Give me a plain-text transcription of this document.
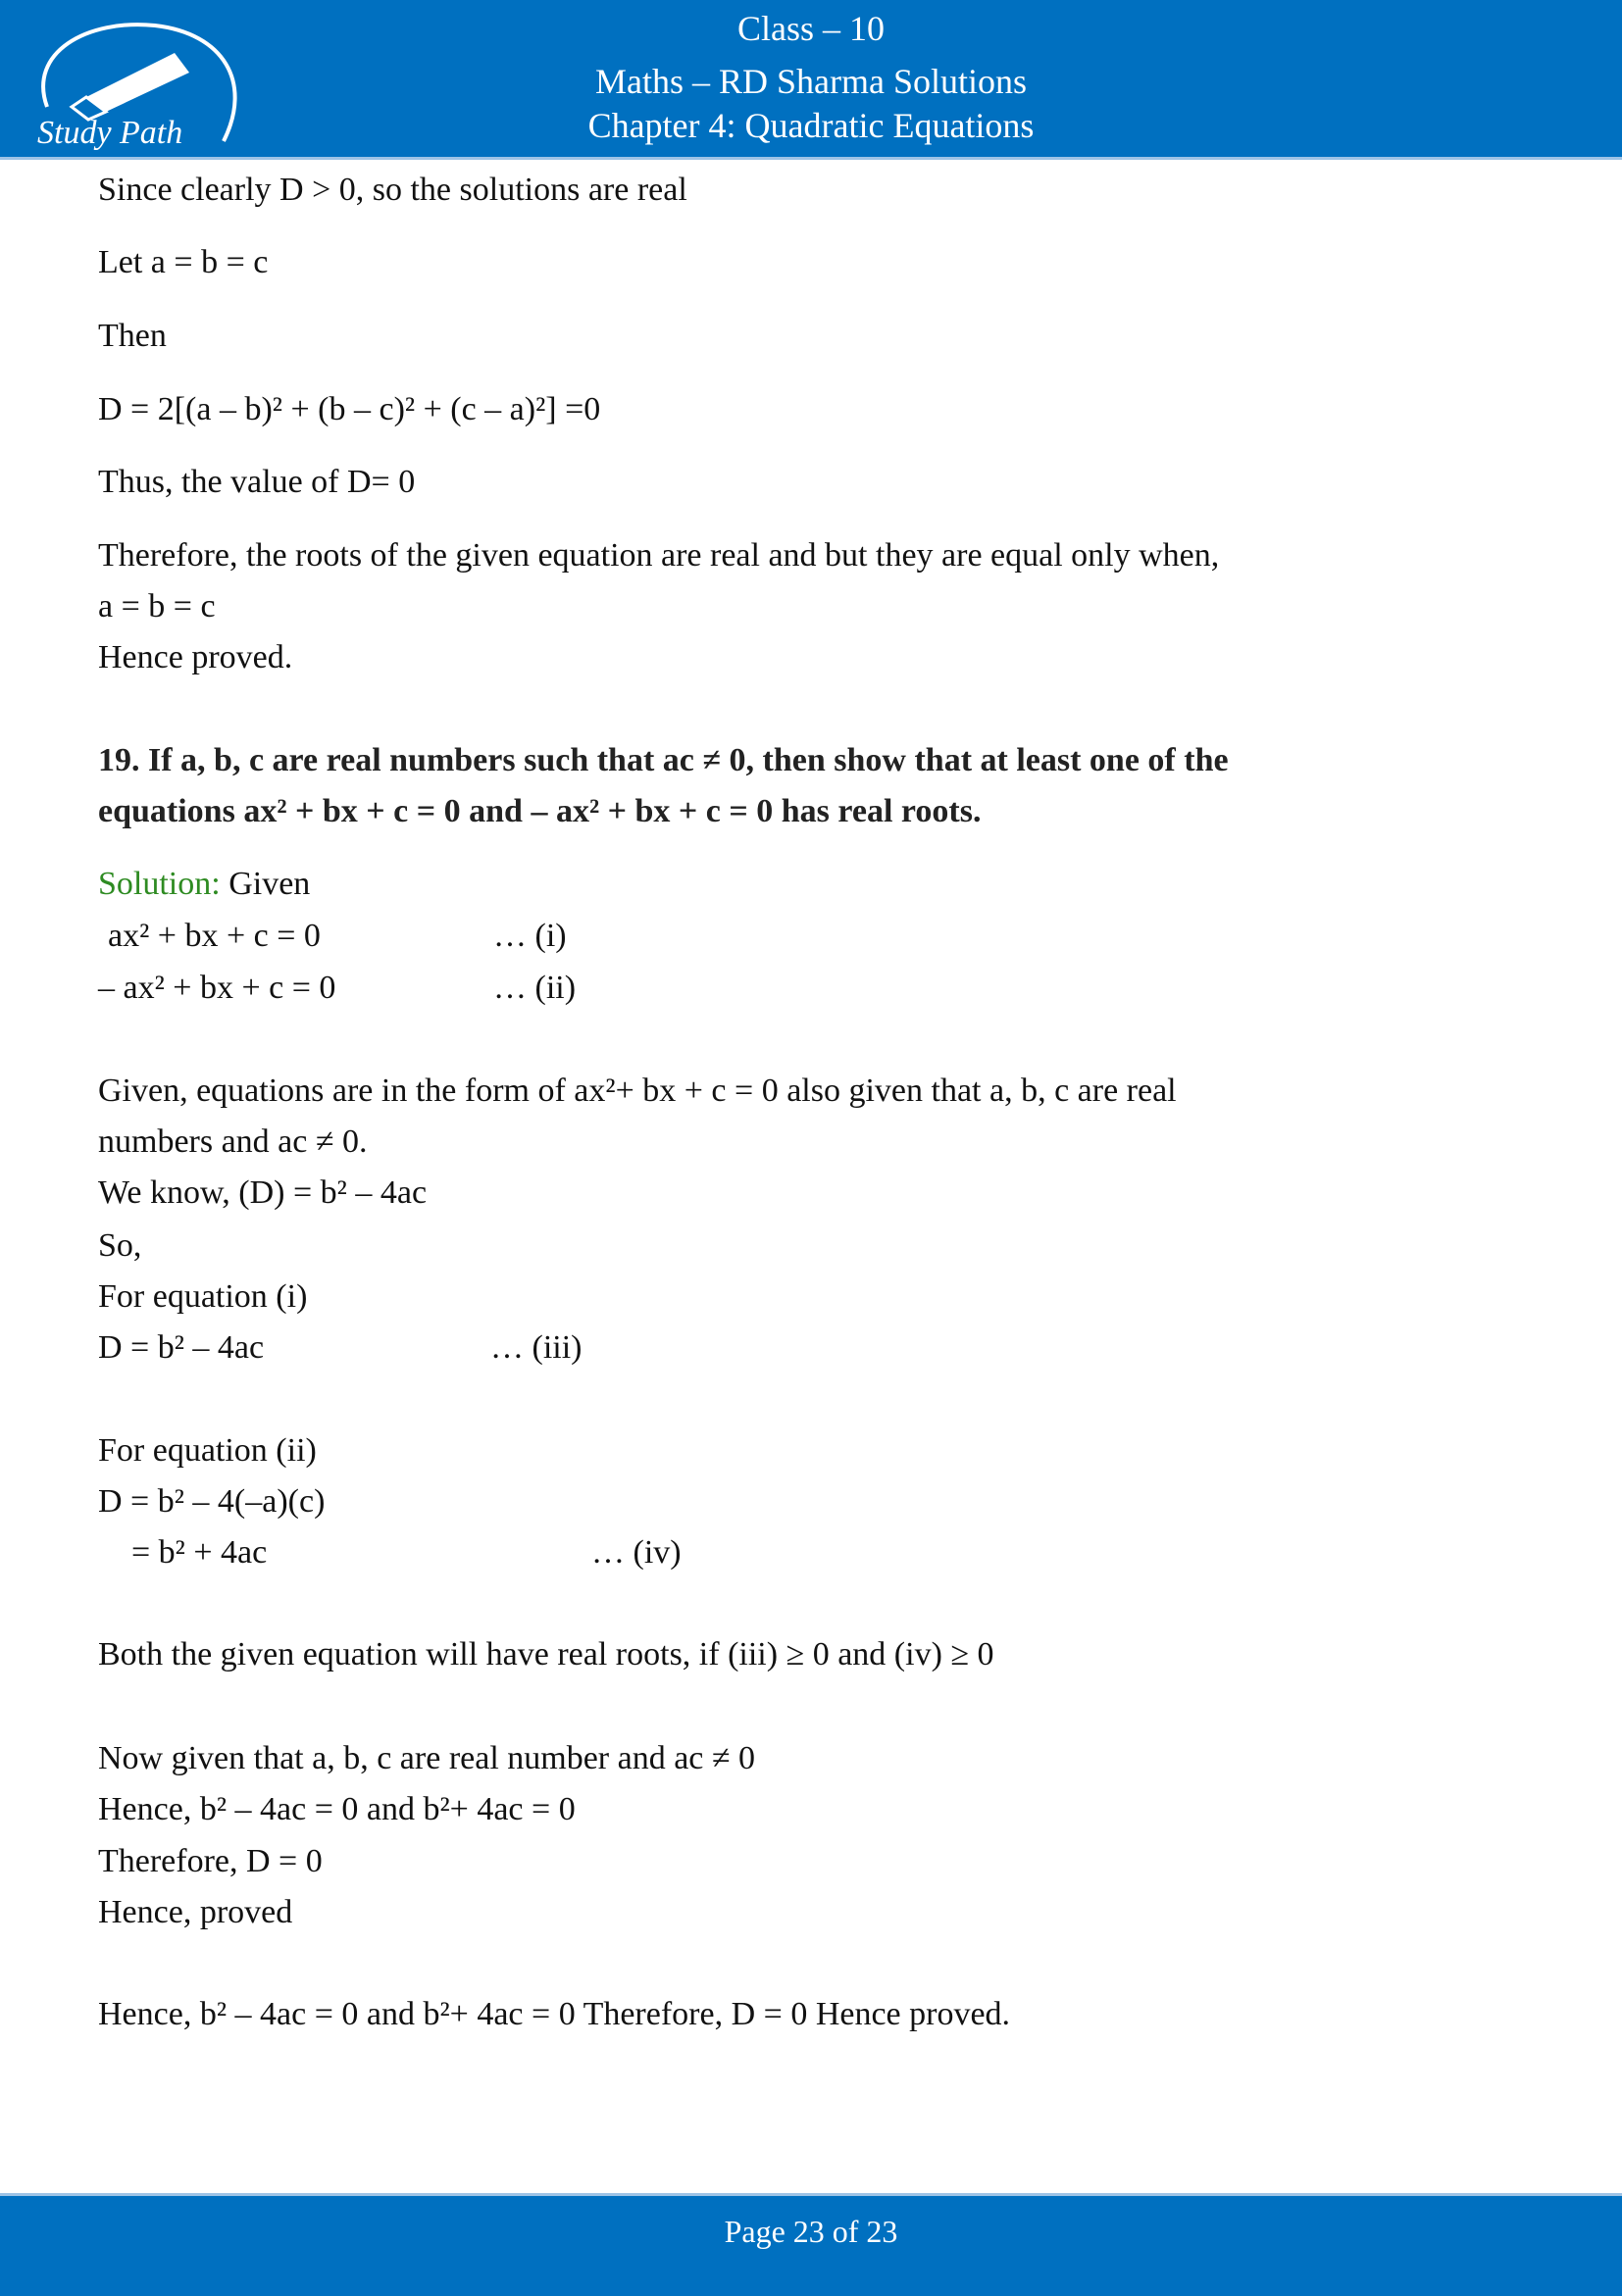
Study Path
Class – 10
Maths – RD Sharma Solutions
Chapter 4: Quadratic Equations
Since clearly D > 0, so the solutions are real
Let a = b = c
Then
D = 2[(a – b)² + (b – c)² + (c – a)²] =0
Thus, the value of D= 0
Therefore, the roots of the given equation are real and but they are equal only when,
a = b = c
Hence proved.
19. If a, b, c are real numbers such that ac ≠ 0, then show that at least one of the
equations ax² + bx + c = 0 and – ax² + bx + c = 0 has real roots.
Solution: Given
ax² + bx + c = 0	… (i)
– ax² + bx + c = 0	… (ii)
Given, equations are in the form of ax²+ bx + c = 0 also given that a, b, c are real
numbers and ac ≠ 0.
We know, (D) = b² – 4ac
So,
For equation (i)
D = b² – 4ac	… (iii)
For equation (ii)
D = b² – 4(–a)(c)
= b² + 4ac	… (iv)
Both the given equation will have real roots, if (iii) ≥ 0 and (iv) ≥ 0
Now given that a, b, c are real number and ac ≠ 0
Hence, b² – 4ac = 0 and b²+ 4ac = 0
Therefore, D = 0
Hence, proved
Hence, b² – 4ac = 0 and b²+ 4ac = 0 Therefore, D = 0 Hence proved.
Page 23 of 23
